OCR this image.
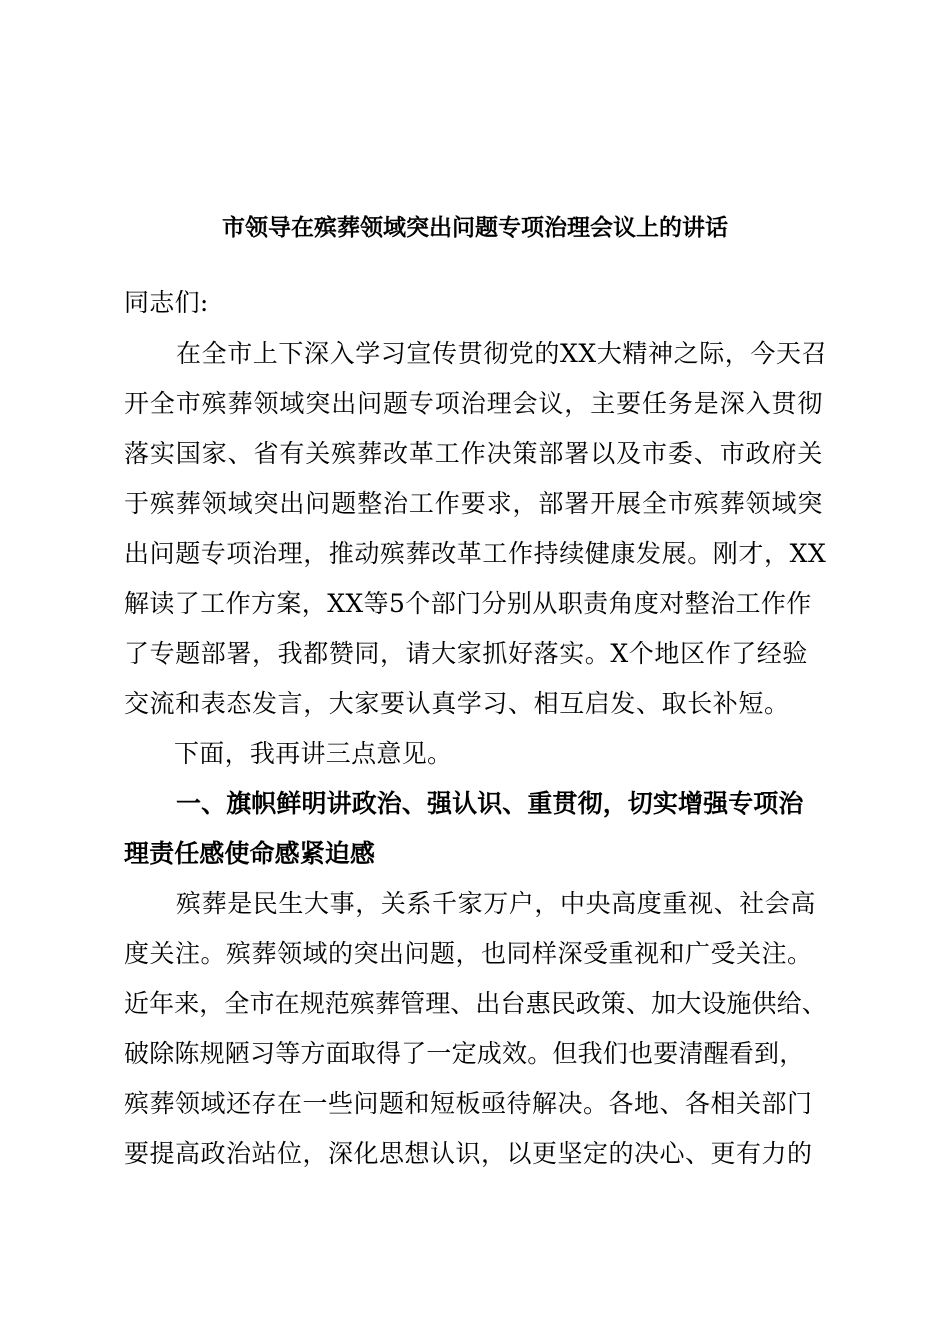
市领导在殡葬领域突出问题专项治理会议上的讲话
同志们:
在全市上下深入学习宣传贯彻党的XX大精神之际，今天召
开全市殡葬领域突出问题专项治理会议，主要任务是深入贯彻
落实国家、省有关殡葬改革工作决策部署以及市委、市政府关
于殡葬领域突出问题整治工作要求，部署开展全市殡葬领域突
出问题专项治理，推动殡葬改革工作持续健康发展。刚才，XX
解读了工作方案，XX等5个部门分别从职责角度对整治工作作
了专题部署，我都赞同，请大家抓好落实。X个地区作了经验
交流和表态发言，大家要认真学习、相互启发、取长补短。
下面，我再讲三点意见。
一、旗帜鲜明讲政治、强认识、重贯彻，切实增强专项治
理责任感使命感紧迫感
殡葬是民生大事，关系千家万户，中央高度重视、社会高
度关注。殡葬领域的突出问题，也同样深受重视和广受关注。
近年来，全市在规范殡葬管理、出台惠民政策、加大设施供给、
破除陈规陋习等方面取得了一定成效。但我们也要清醒看到，
殡葬领域还存在一些问题和短板亟待解决。各地、各相关部门
要提高政治站位，深化思想认识，以更坚定的决心、更有力的
